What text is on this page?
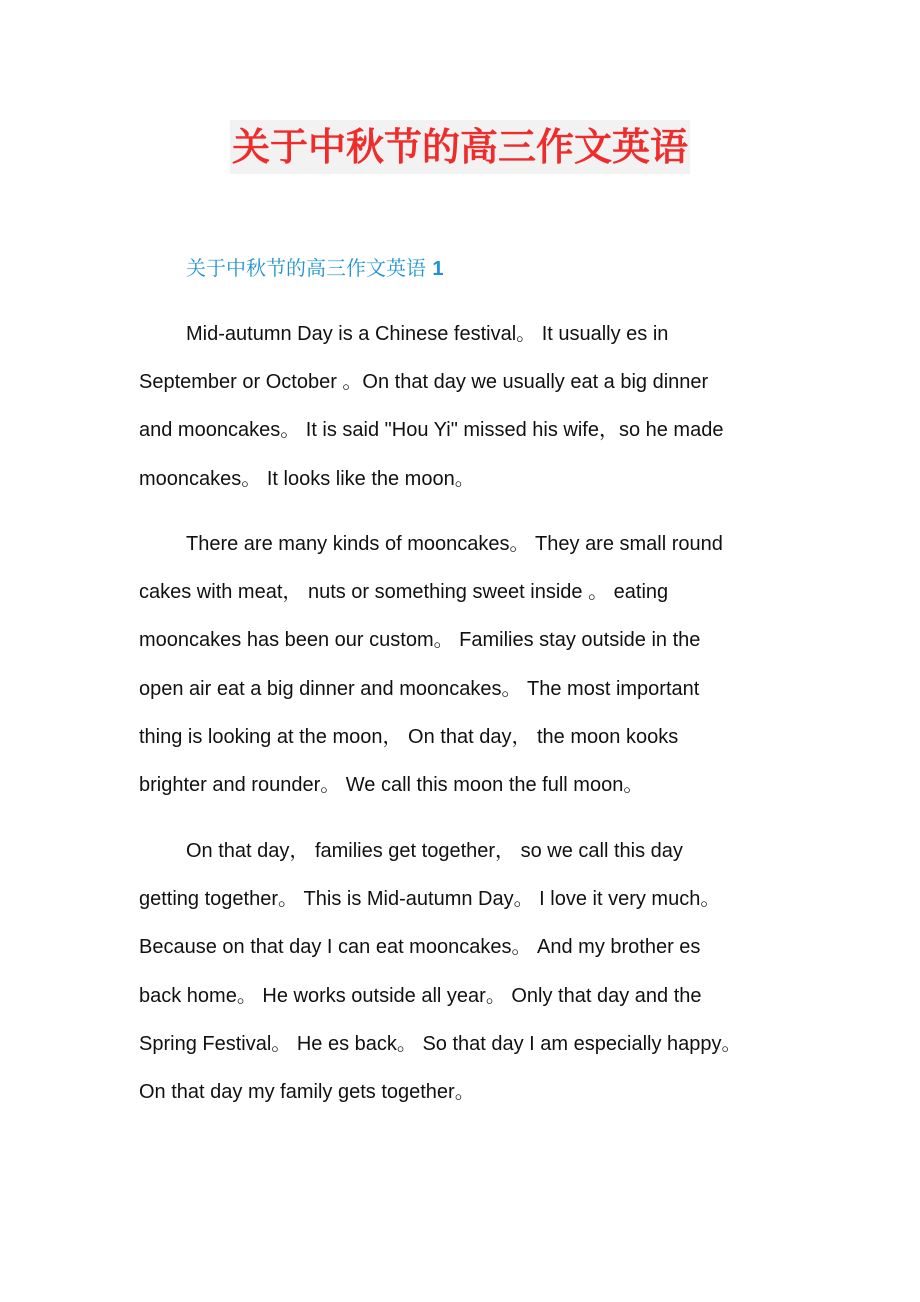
关于中秋节的高三作文英语
关于中秋节的高三作文英语 1

Mid-autumn Day is a Chinese festival。 It usually es in
September or October 。On that day we usually eat a big dinner
and mooncakes。 It is said "Hou Yi" missed his wife，so he made
mooncakes。 It looks like the moon。

There are many kinds of mooncakes。 They are small round
cakes with meat， nuts or something sweet inside 。 eating
mooncakes has been our custom。 Families stay outside in the
open air eat a big dinner and mooncakes。 The most important
thing is looking at the moon， On that day， the moon kooks
brighter and rounder。 We call this moon the full moon。

On that day， families get together， so we call this day
getting together。 This is Mid-autumn Day。 I love it very much。
Because on that day I can eat mooncakes。 And my brother es
back home。 He works outside all year。 Only that day and the
Spring Festival。 He es back。 So that day I am especially happy。
On that day my family gets together。
